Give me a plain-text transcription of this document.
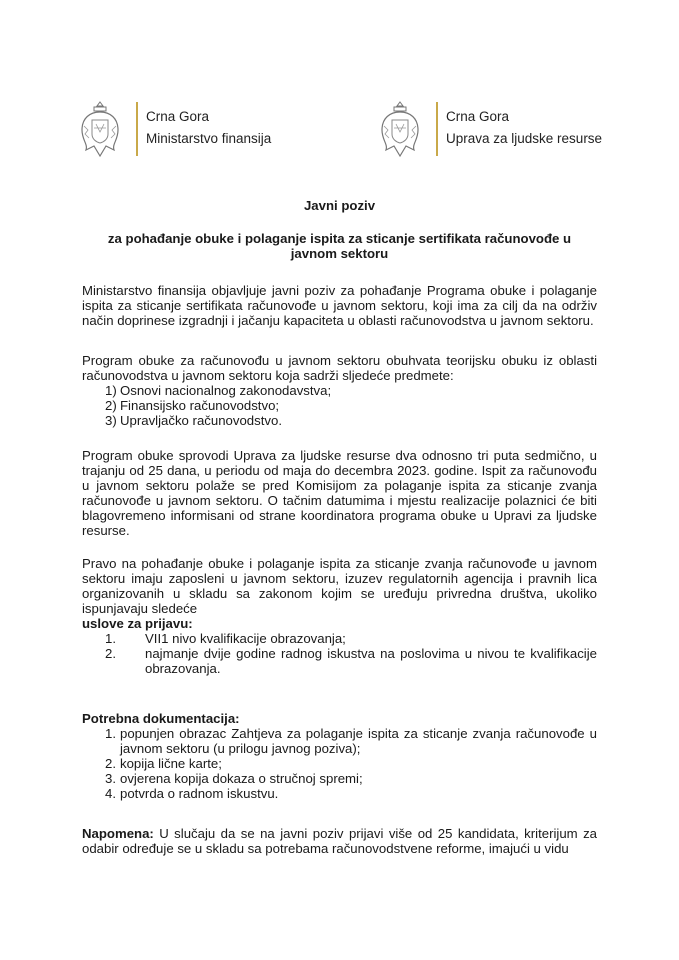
Crna Gora
Ministarstvo finansija
Crna Gora
Uprava za ljudske resurse
Javni poziv
za pohađanje obuke i polaganje ispita za sticanje sertifikata računovođe u javnom sektoru
Ministarstvo finansija objavljuje javni poziv za pohađanje Programa obuke i polaganje ispita za sticanje sertifikata računovođe u javnom sektoru, koji ima za cilj da na održiv način doprinese izgradnji i jačanju kapaciteta u oblasti računovodstva u javnom sektoru.
Program obuke za računovođu u javnom sektoru obuhvata teorijsku obuku iz oblasti računovodstva u javnom sektoru koja sadrži sljedeće predmete:
1) Osnovi nacionalnog zakonodavstva;
2) Finansijsko računovodstvo;
3) Upravljačko računovodstvo.
Program obuke sprovodi Uprava za ljudske resurse dva odnosno tri puta sedmično, u trajanju od 25 dana, u periodu od maja do decembra 2023. godine. Ispit za računovođu u javnom sektoru polaže se pred Komisijom za polaganje ispita za sticanje zvanja računovođe u javnom sektoru. O tačnim datumima i mjestu realizacije polaznici će biti blagovremeno informisani od strane koordinatora programa obuke u Upravi za ljudske resurse.
Pravo na pohađanje obuke i polaganje ispita za sticanje zvanja računovođe u javnom sektoru imaju zaposleni u javnom sektoru, izuzev regulatornih agencija i pravnih lica organizovanih u skladu sa zakonom kojim se uređuju privredna društva, ukoliko ispunjavaju sledeće
uslove za prijavu:
1. VII1 nivo kvalifikacije obrazovanja;
2. najmanje dvije godine radnog iskustva na poslovima u nivou te kvalifikacije obrazovanja.
Potrebna dokumentacija:
1. popunjen obrazac Zahtjeva za polaganje ispita za sticanje zvanja računovođe u javnom sektoru (u prilogu javnog poziva);
2. kopija lične karte;
3. ovjerena kopija dokaza o stručnoj spremi;
4. potvrda o radnom iskustvu.
Napomena: U slučaju da se na javni poziv prijavi više od 25 kandidata, kriterijum za odabir određuje se u skladu sa potrebama računovodstvene reforme, imajući u vidu
